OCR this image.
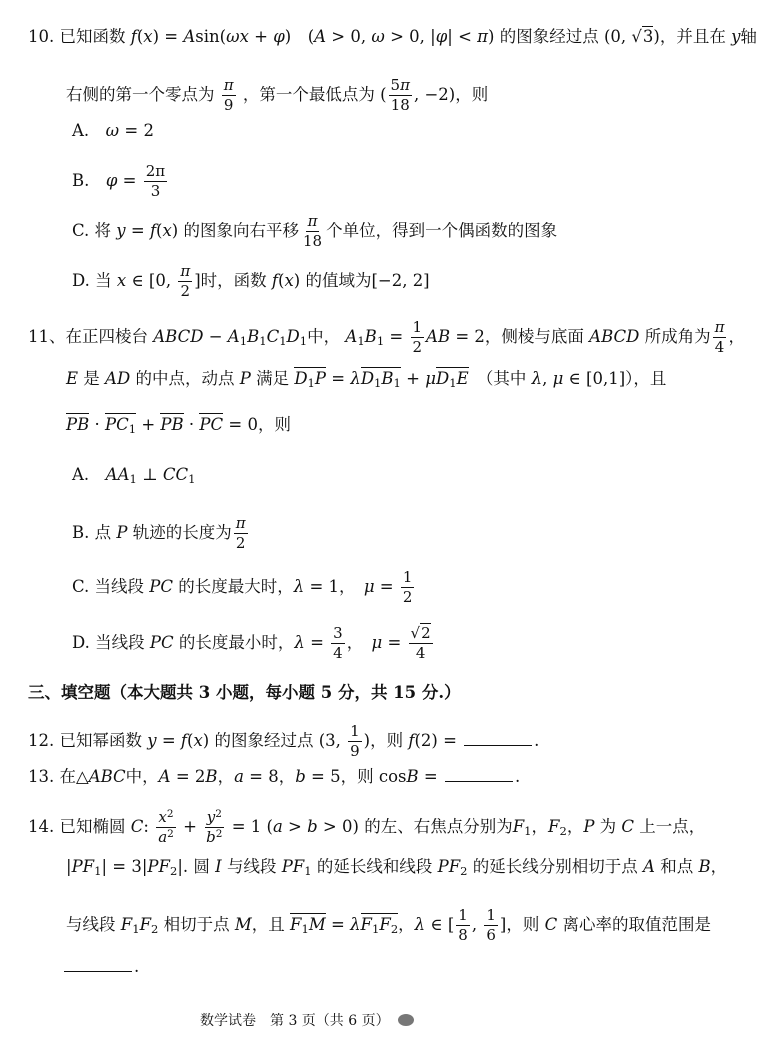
10. 已知函数 f(x) = Asin(ωx + φ)　(A > 0, ω > 0, |φ| < π) 的图象经过点 (0, √3)，并且在 y轴
右侧的第一个零点为 $\frac{\pi}{9}$ ，第一个最低点为 ( $\frac{5\pi}{18}$ , −2)，则
A.　 ω = 2
B.　 $\varphi = \frac{2\pi}{3}$
C. 将 y = f(x) 的图象向右平移 $\frac{\pi}{18}$ 个单位，得到一个偶函数的图象
D. 当 x ∈ [0, $\frac{\pi}{2}$ ]时，函数 f(x) 的值域为[−2, 2]
11、在正四棱台 ABCD − $A_1B_1C_1D_1$中， $A_1B_1 = \frac{1}{2}$ AB = 2，侧棱与底面 ABCD 所成角为 $\frac{\pi}{4}$ ，
E 是 AD 的中点，动点 P 满足 $D_1P = \lambda D_1B_1 + \mu D_1E$　 （其中 λ, μ ∈ [0,1]），且
PB · $PC_1$ + PB · PC = 0，则
A.　 $AA_1$ ⊥ $CC_1$
B. 点 P 轨迹的长度为 $\frac{\pi}{2}$
C. 当线段 PC 的长度最大时，λ = 1，　$\mu = \frac{1}{2}$
D. 当线段 PC 的长度最小时，$\lambda = \frac{3}{4}$ ，　$\mu = \frac{√2}{4}$
三、填空题（本大题共 3 小题，每小题 5 分，共 15 分.）
12. 已知幂函数 y = f(x) 的图象经过点 (3, $\frac{1}{9}$ )，则 f(2) =	.
13. 在△ABC中，A = 2B，a = 8，b = 5，则 cosB =	.
14. 已知椭圆 C: $\frac{x^2}{a^2} + \frac{y^2}{b^2} = 1$ (a > b > 0) 的左、右焦点分别为$F_1$，$F_2$，P 为 C 上一点，
$|PF_1| = 3|PF_2|$. 圆 I 与线段 $PF_1$ 的延长线和线段 $PF_2$ 的延长线分别相切于点 A 和点 B，
与线段 $F_1F_2$ 相切于点 M，且 $F_1M = \lambda F_1F_2$，λ ∈ [ $\frac{1}{8}$ , $\frac{1}{6}$ ]，则 C 离心率的取值范围是
.
数学试卷　第 3 页（共 6 页）
